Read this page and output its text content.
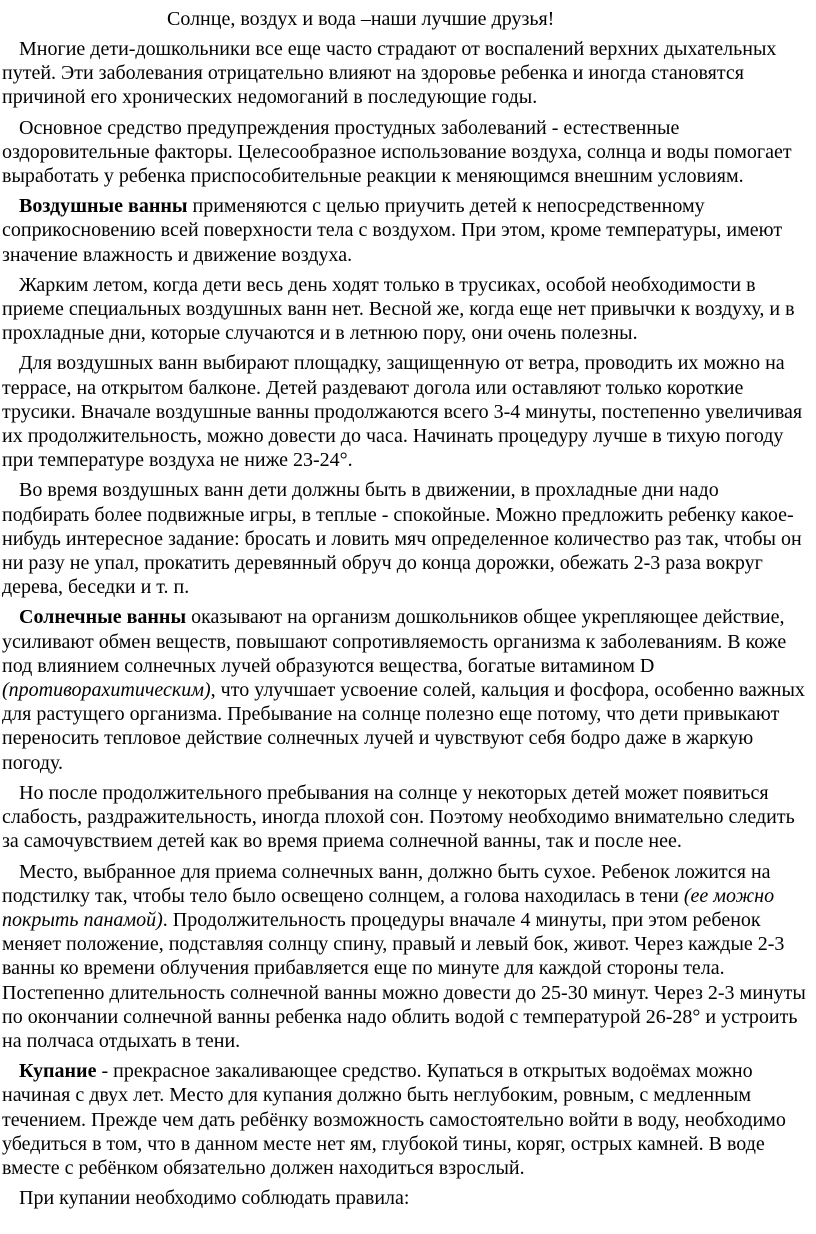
Солнце, воздух и вода –наши лучшие друзья!

Многие дети-дошкольники все еще часто страдают от воспалений верхних дыхательных путей. Эти заболевания отрицательно влияют на здоровье ребенка и иногда становятся причиной его хронических недомоганий в последующие годы.

Основное средство предупреждения простудных заболеваний - естественные оздоровительные факторы. Целесообразное использование воздуха, солнца и воды помогает выработать у ребенка приспособительные реакции к меняющимся внешним условиям.

Воздушные ванны применяются с целью приучить детей к непосредственному соприкосновению всей поверхности тела с воздухом. При этом, кроме температуры, имеют значение влажность и движение воздуха.

Жарким летом, когда дети весь день ходят только в трусиках, особой необходимости в приеме специальных воздушных ванн нет. Весной же, когда еще нет привычки к воздуху, и в прохладные дни, которые случаются и в летнюю пору, они очень полезны.

Для воздушных ванн выбирают площадку, защищенную от ветра, проводить их можно на террасе, на открытом балконе. Детей раздевают догола или оставляют только короткие трусики. Вначале воздушные ванны продолжаются всего 3-4 минуты, постепенно увеличивая их продолжительность, можно довести до часа. Начинать процедуру лучше в тихую погоду при температуре воздуха не ниже 23-24°.

Во время воздушных ванн дети должны быть в движении, в прохладные дни надо подбирать более подвижные игры, в теплые - спокойные. Можно предложить ребенку какое-нибудь интересное задание: бросать и ловить мяч определенное количество раз так, чтобы он ни разу не упал, прокатить деревянный обруч до конца дорожки, обежать 2-3 раза вокруг дерева, беседки и т. п.

Солнечные ванны оказывают на организм дошкольников общее укрепляющее действие, усиливают обмен веществ, повышают сопротивляемость организма к заболеваниям. В коже под влиянием солнечных лучей образуются вещества, богатые витамином D (противорахитическим), что улучшает усвоение солей, кальция и фосфора, особенно важных для растущего организма. Пребывание на солнце полезно еще потому, что дети привыкают переносить тепловое действие солнечных лучей и чувствуют себя бодро даже в жаркую погоду.

Но после продолжительного пребывания на солнце у некоторых детей может появиться слабость, раздражительность, иногда плохой сон. Поэтому необходимо внимательно следить за самочувствием детей как во время приема солнечной ванны, так и после нее.

Место, выбранное для приема солнечных ванн, должно быть сухое. Ребенок ложится на подстилку так, чтобы тело было освещено солнцем, а голова находилась в тени (ее можно покрыть панамой). Продолжительность процедуры вначале 4 минуты, при этом ребенок меняет положение, подставляя солнцу спину, правый и левый бок, живот. Через каждые 2-3 ванны ко времени облучения прибавляется еще по минуте для каждой стороны тела. Постепенно длительность солнечной ванны можно довести до 25-30 минут. Через 2-3 минуты по окончании солнечной ванны ребенка надо облить водой с температурой 26-28° и устроить на полчаса отдыхать в тени.

Купание - прекрасное закаливающее средство. Купаться в открытых водоёмах можно начиная с двух лет. Место для купания должно быть неглубоким, ровным, с медленным течением. Прежде чем дать ребёнку возможность самостоятельно войти в воду, необходимо убедиться в том, что в данном месте нет ям, глубокой тины, коряг, острых камней. В воде вместе с ребёнком обязательно должен находиться взрослый.

При купании необходимо соблюдать правила:
